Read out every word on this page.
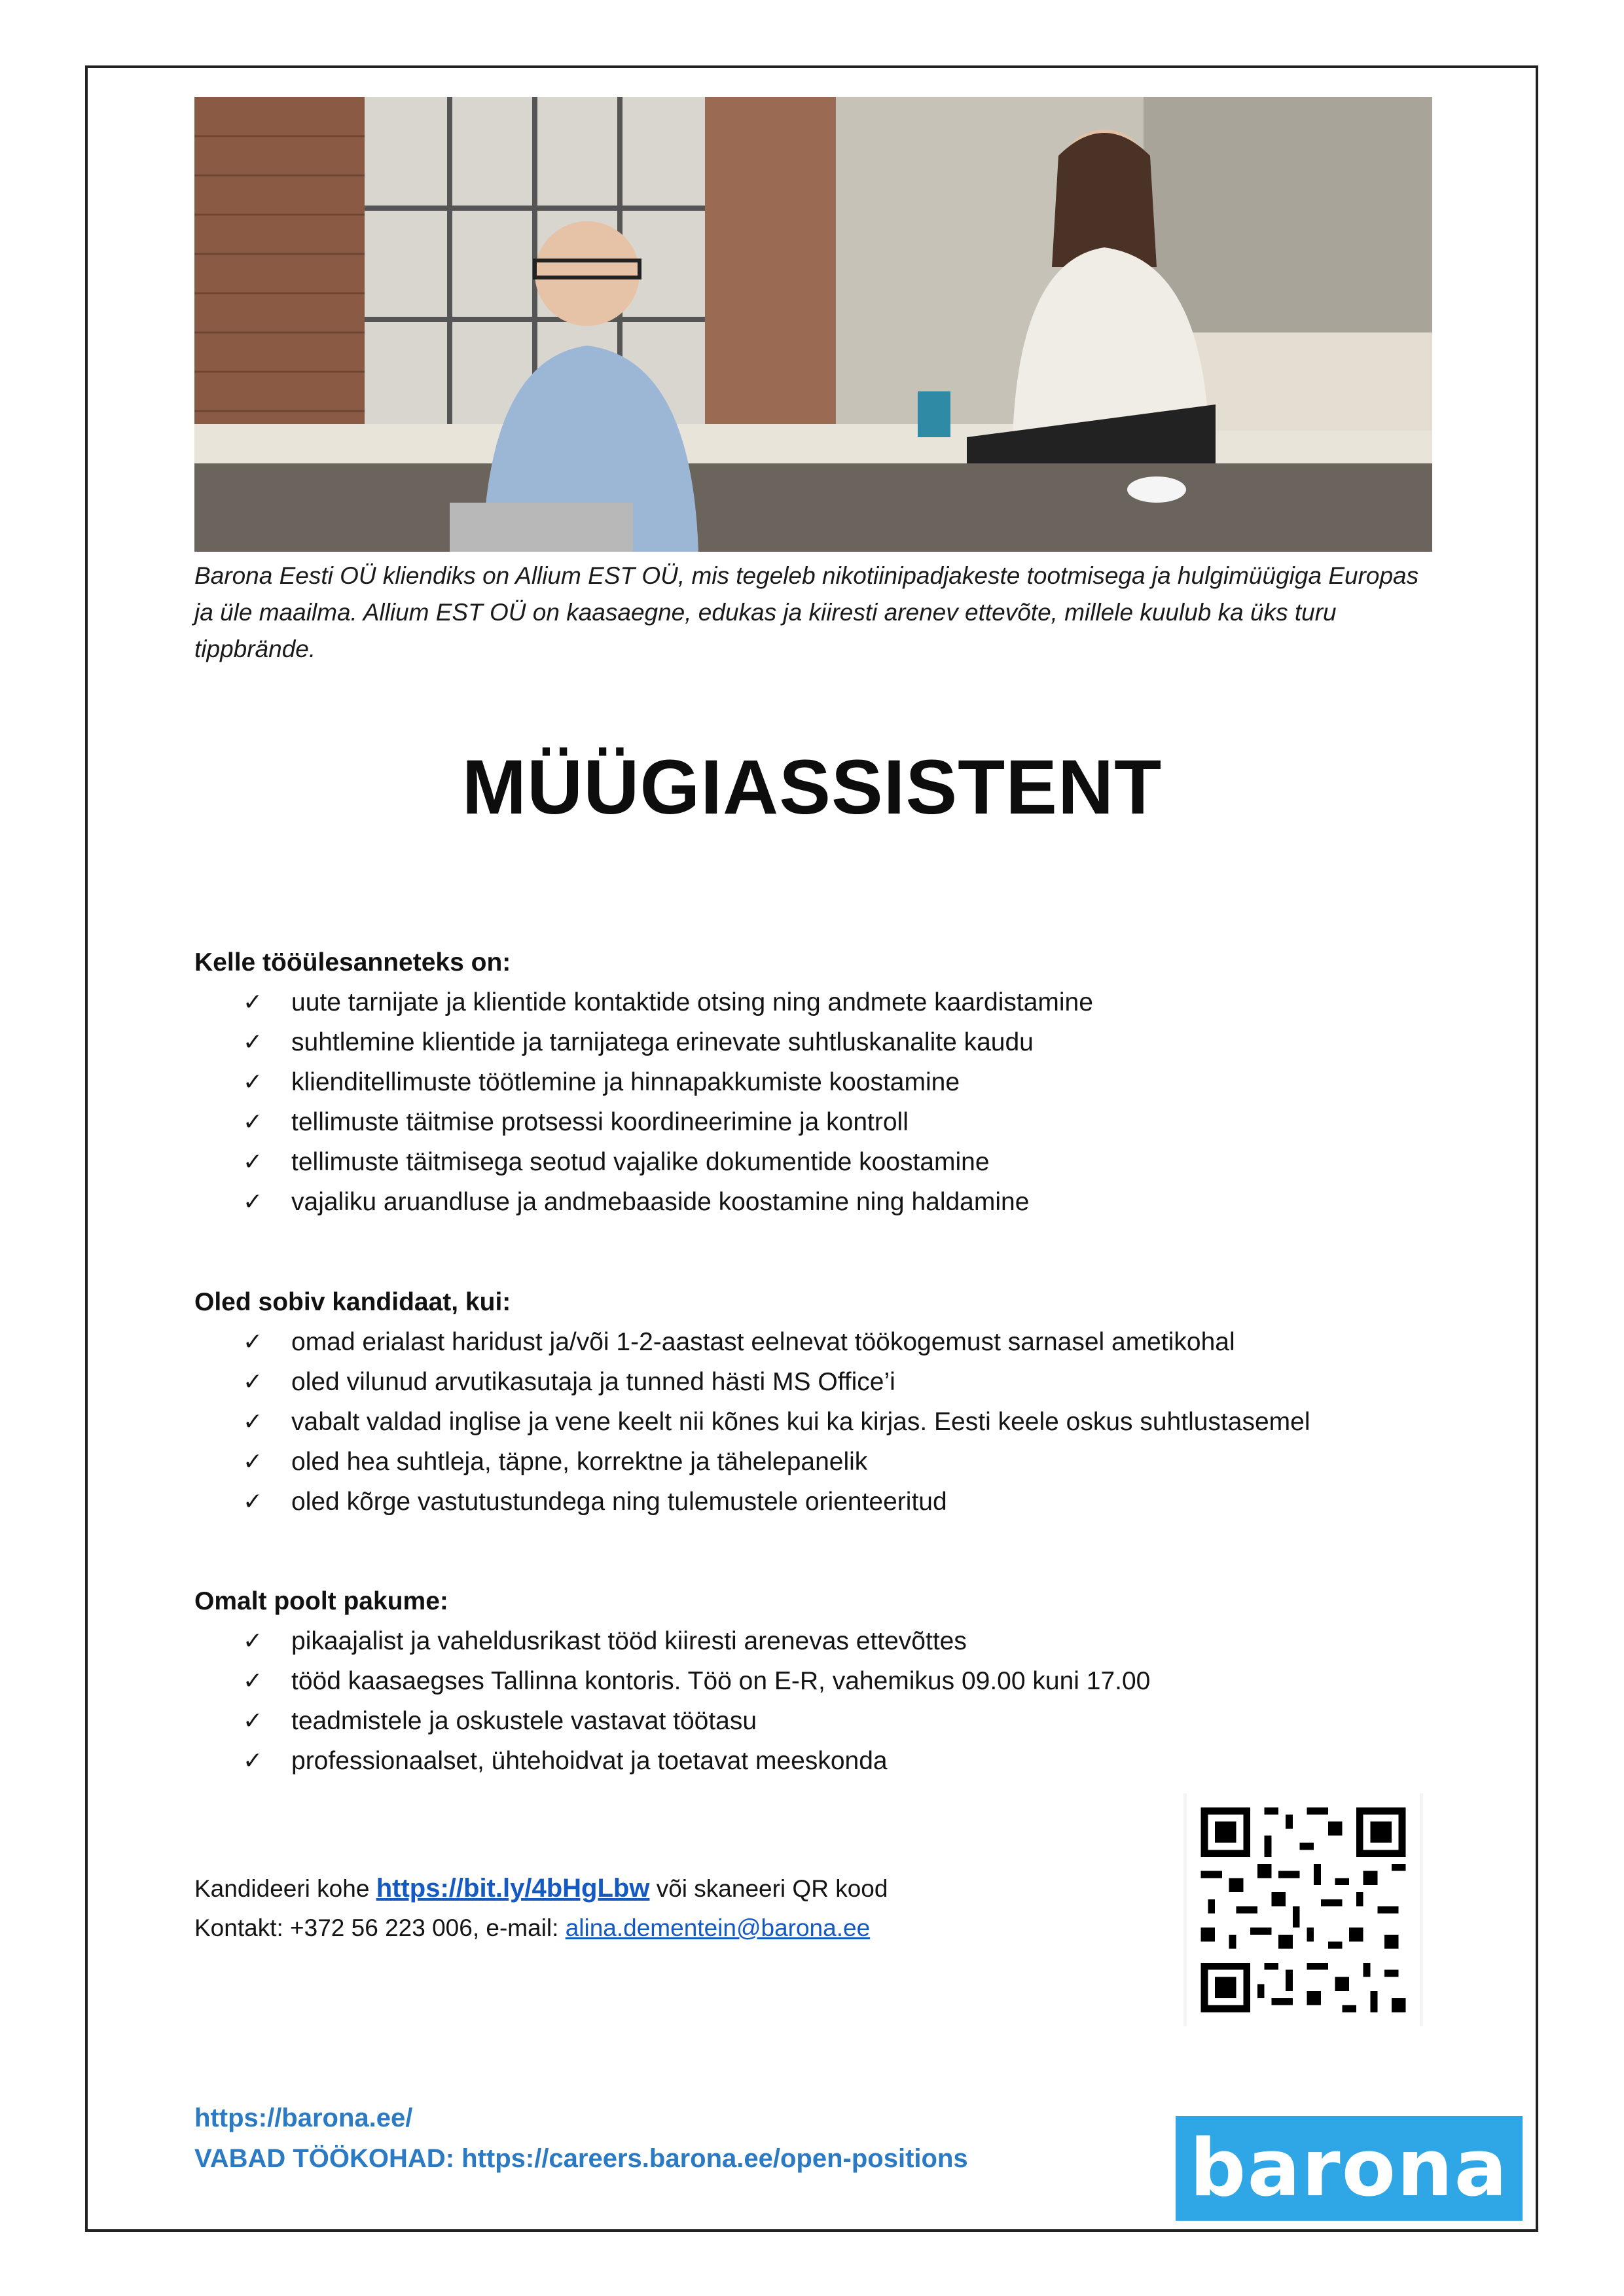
Barona Eesti OÜ kliendiks on Allium EST OÜ, mis tegeleb nikotiinipadjakeste tootmisega ja hulgimüügiga Europas ja üle maailma. Allium EST OÜ on kaasaegne, edukas ja kiiresti arenev ettevõte, millele kuulub ka üks turu tippbrände.
MÜÜGIASSISTENT
Kelle tööülesanneteks on:
✓ uute tarnijate ja klientide kontaktide otsing ning andmete kaardistamine
✓ suhtlemine klientide ja tarnijatega erinevate suhtluskanalite kaudu
✓ klienditellimuste töötlemine ja hinnapakkumiste koostamine
✓ tellimuste täitmise protsessi koordineerimine ja kontroll
✓ tellimuste täitmisega seotud vajalike dokumentide koostamine
✓ vajaliku aruandluse ja andmebaaside koostamine ning haldamine
Oled sobiv kandidaat, kui:
✓ omad erialast haridust ja/või 1-2-aastast eelnevat töökogemust sarnasel ametikohal
✓ oled vilunud arvutikasutaja ja tunned hästi MS Office’i
✓ vabalt valdad inglise ja vene keelt nii kõnes kui ka kirjas. Eesti keele oskus suhtlustasemel
✓ oled hea suhtleja, täpne, korrektne ja tähelepanelik
✓ oled kõrge vastutustundega ning tulemustele orienteeritud
Omalt poolt pakume:
✓ pikaajalist ja vaheldusrikast tööd kiiresti arenevas ettevõttes
✓ tööd kaasaegses Tallinna kontoris. Töö on E-R, vahemikus 09.00 kuni 17.00
✓ teadmistele ja oskustele vastavat töötasu
✓ professionaalset, ühtehoidvat ja toetavat meeskonda
Kandideeri kohe https://bit.ly/4bHgLbw või skaneeri QR kood
Kontakt: +372 56 223 006, e-mail: alina.dementein@barona.ee
https://barona.ee/
VABAD TÖÖKOHAD: https://careers.barona.ee/open-positions	barona
